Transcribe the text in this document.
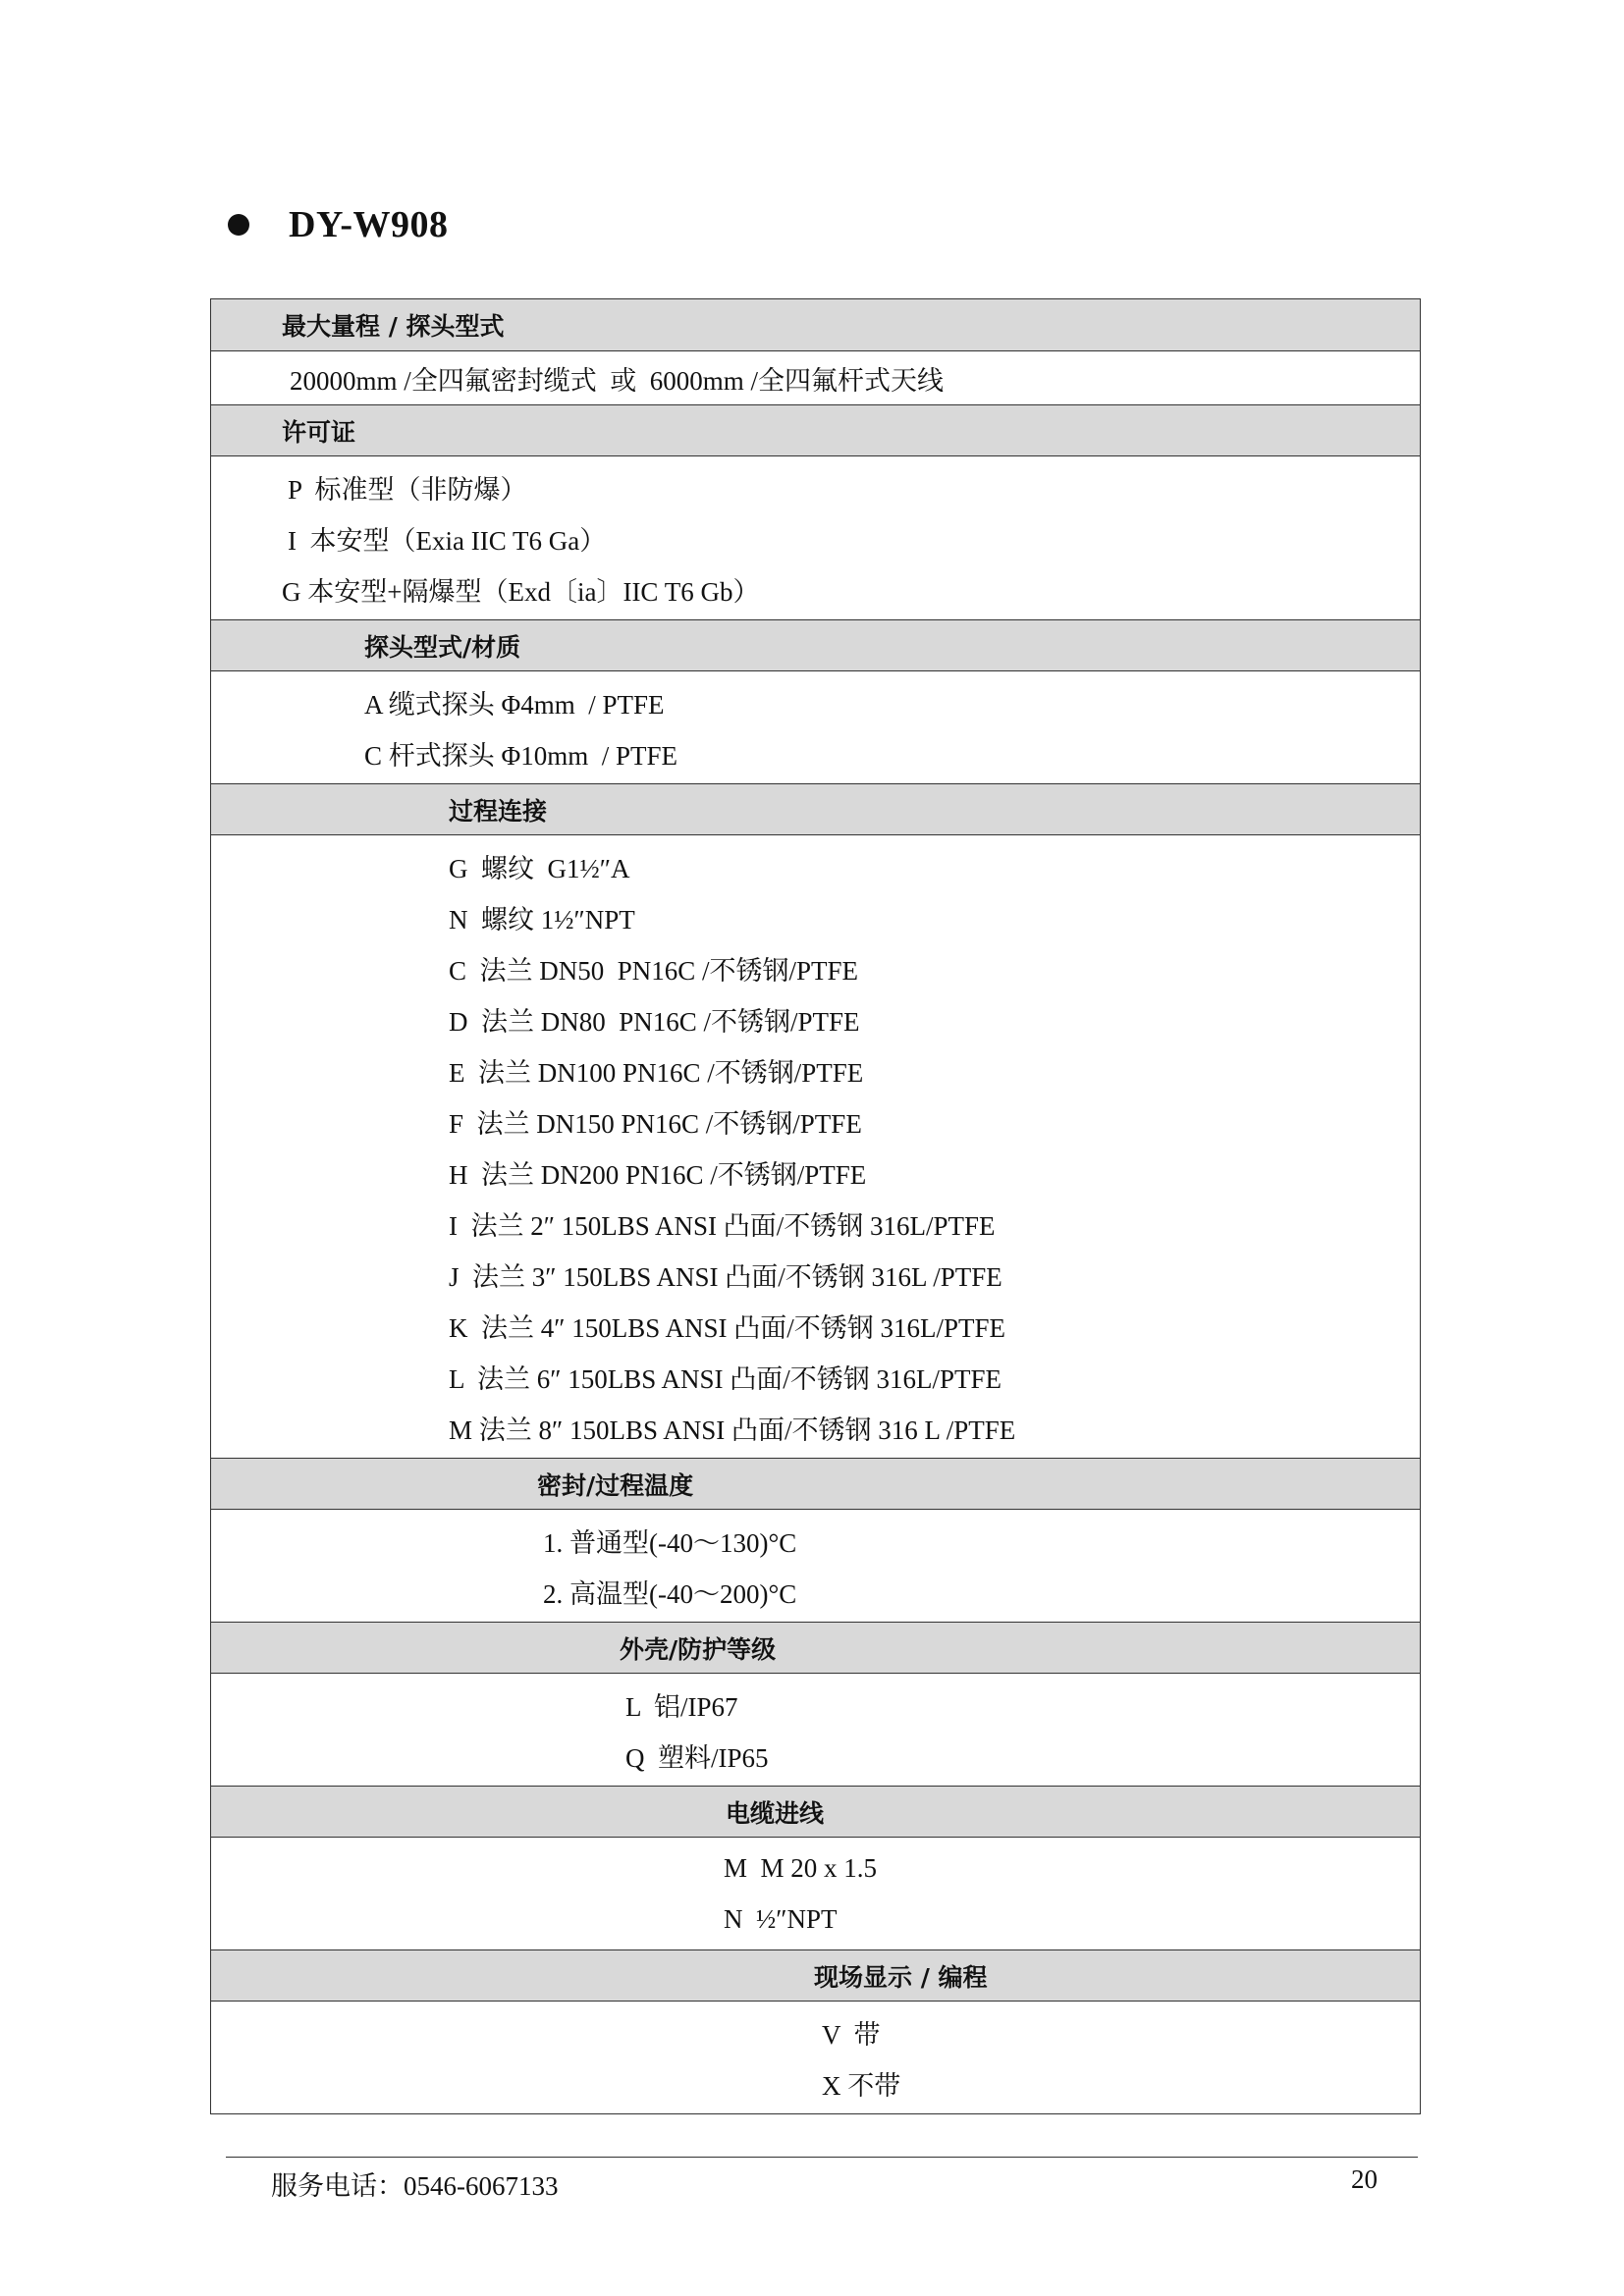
DY-W908
最大量程 / 探头型式
20000mm /全四氟密封缆式  或  6000mm /全四氟杆式天线
许可证
P  标准型（非防爆）
I  本安型（Exia IIC T6 Ga）
G 本安型+隔爆型（Exd〔ia〕IIC T6 Gb）
探头型式/材质
A 缆式探头 Φ4mm  / PTFE
C 杆式探头 Φ10mm  / PTFE
过程连接
G  螺纹  G1½″A
N  螺纹 1½″NPT
C  法兰 DN50  PN16C /不锈钢/PTFE
D  法兰 DN80  PN16C /不锈钢/PTFE
E  法兰 DN100 PN16C /不锈钢/PTFE
F  法兰 DN150 PN16C /不锈钢/PTFE
H  法兰 DN200 PN16C /不锈钢/PTFE
I  法兰 2″ 150LBS ANSI 凸面/不锈钢 316L/PTFE
J  法兰 3″ 150LBS ANSI 凸面/不锈钢 316L /PTFE
K  法兰 4″ 150LBS ANSI 凸面/不锈钢 316L/PTFE
L  法兰 6″ 150LBS ANSI 凸面/不锈钢 316L/PTFE
M 法兰 8″ 150LBS ANSI 凸面/不锈钢 316 L /PTFE
密封/过程温度
1. 普通型(-40～130)°C
2. 高温型(-40～200)°C
外壳/防护等级
L  铝/IP67
Q  塑料/IP65
电缆进线
M  M 20 x 1.5
N  ½″NPT
现场显示 / 编程
V  带
X 不带
服务电话：0546-6067133	20
